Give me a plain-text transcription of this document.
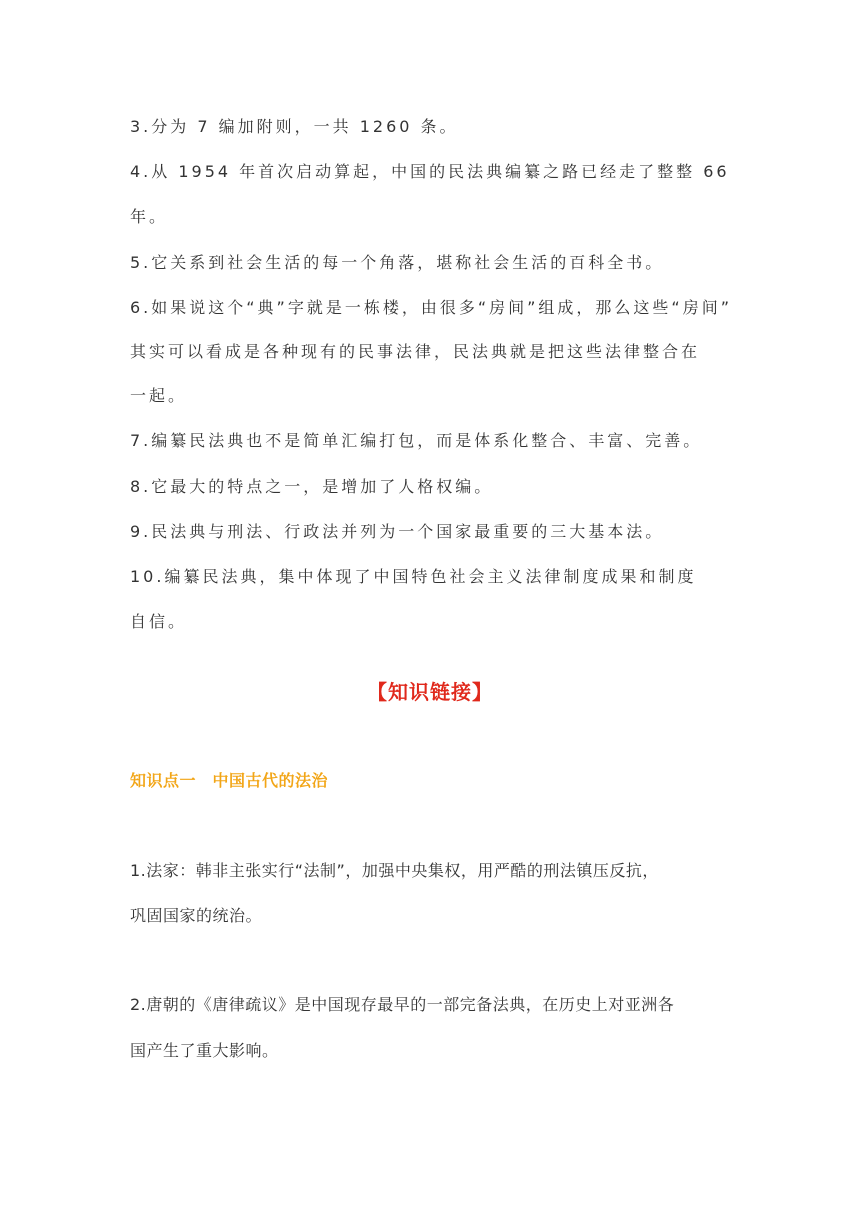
3.分为 7 编加附则，一共 1260 条。
4.从 1954 年首次启动算起，中国的民法典编纂之路已经走了整整 66
年。
5.它关系到社会生活的每一个角落，堪称社会生活的百科全书。
6.如果说这个“典”字就是一栋楼，由很多“房间”组成，那么这些“房间”
其实可以看成是各种现有的民事法律，民法典就是把这些法律整合在
一起。
7.编纂民法典也不是简单汇编打包，而是体系化整合、丰富、完善。
8.它最大的特点之一，是增加了人格权编。
9.民法典与刑法、行政法并列为一个国家最重要的三大基本法。
10.编纂民法典，集中体现了中国特色社会主义法律制度成果和制度
自信。
【知识链接】
知识点一　中国古代的法治
1.法家：韩非主张实行“法制”，加强中央集权，用严酷的刑法镇压反抗，
巩固国家的统治。
2.唐朝的《唐律疏议》是中国现存最早的一部完备法典，在历史上对亚洲各
国产生了重大影响。
